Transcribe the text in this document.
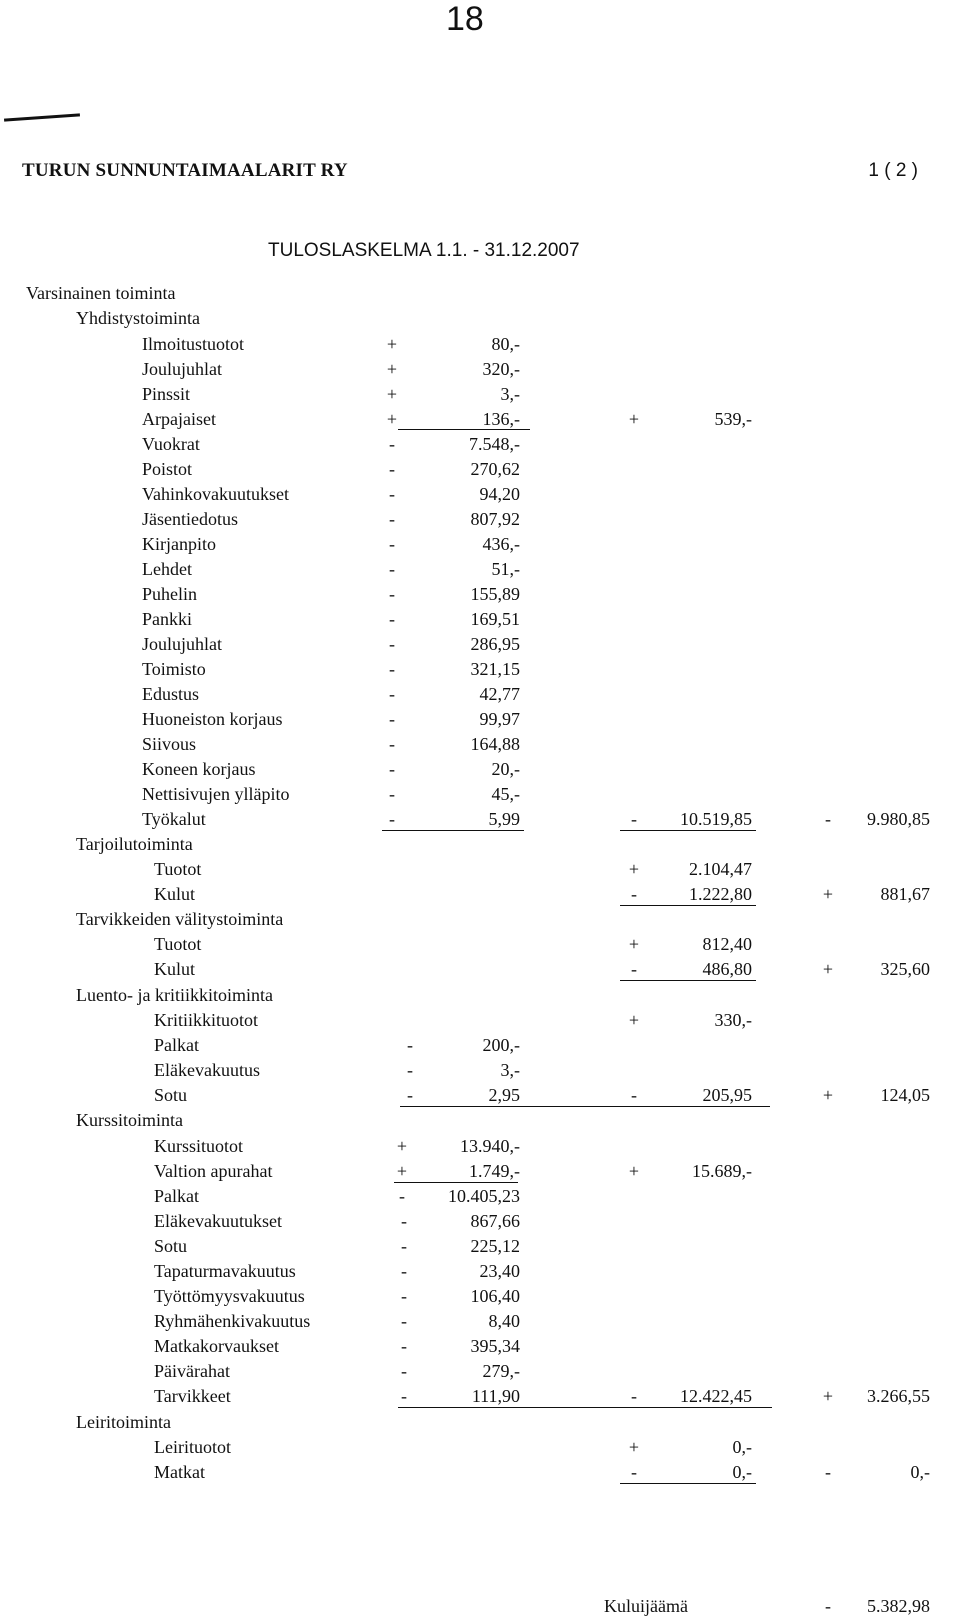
18
TURUN SUNNUNTAIMAALARIT RY	1 ( 2 )
TULOSLASKELMA 1.1. - 31.12.2007
Varsinainen toiminta
Yhdistystoiminta
Ilmoitustuotot	+	80,-
Joulujuhlat	+	320,-
Pinssit	+	3,-
Arpajaiset	+	136,-	+	539,-
Vuokrat	-	7.548,-
Poistot	-	270,62
Vahinkovakuutukset	-	94,20
Jäsentiedotus	-	807,92
Kirjanpito	-	436,-
Lehdet	-	51,-
Puhelin	-	155,89
Pankki	-	169,51
Joulujuhlat	-	286,95
Toimisto	-	321,15
Edustus	-	42,77
Huoneiston korjaus	-	99,97
Siivous	-	164,88
Koneen korjaus	-	20,-
Nettisivujen ylläpito	-	45,-
Työkalut	-	5,99	- 10.519,85	- 9.980,85
Tarjoilutoiminta
Tuotot	+	2.104,47
Kulut	-	1.222,80	+	881,67
Tarvikkeiden välitystoiminta
Tuotot	+	812,40
Kulut	-	486,80	+	325,60
Luento- ja kritiikkitoiminta
Kritiikkituotot	+	330,-
Palkat	-	200,-
Eläkevakuutus	-	3,-
Sotu	-	2,95	-	205,95	+	124,05
Kurssitoiminta
Kurssituotot	+	13.940,-
Valtion apurahat	+	1.749,-	+	15.689,-
Palkat	- 10.405,23
Eläkevakuutukset	-	867,66
Sotu	-	225,12
Tapaturmavakuutus	-	23,40
Työttömyysvakuutus	-	106,40
Ryhmähenkivakuutus	-	8,40
Matkakorvaukset	-	395,34
Päivärahat	-	279,-
Tarvikkeet	-	111,90	- 12.422,45	+ 3.266,55
Leiritoiminta
Leirituotot	+	0,-
Matkat	-	0,-	-	0,-
Kuluijäämä	- 5.382,98
